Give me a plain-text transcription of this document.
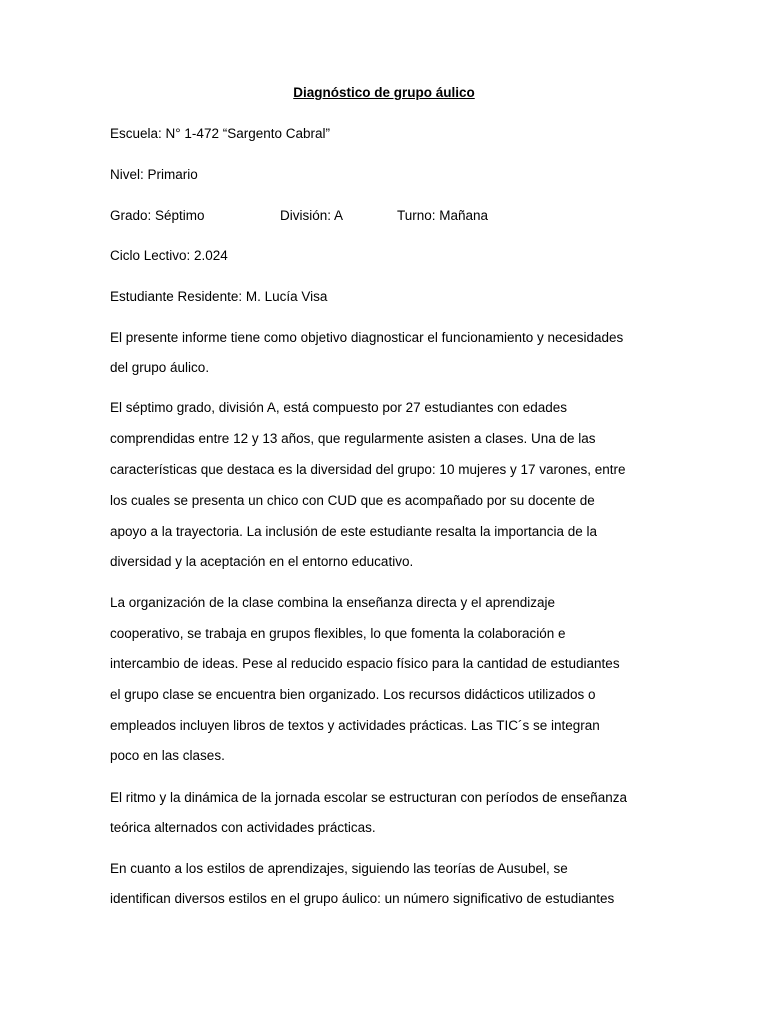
Diagnóstico de grupo áulico
Escuela: N° 1-472 “Sargento Cabral”
Nivel: Primario
Grado: Séptimo	División: A	Turno: Mañana
Ciclo Lectivo: 2.024
Estudiante Residente: M. Lucía Visa
El presente informe tiene como objetivo diagnosticar el funcionamiento y necesidades
del grupo áulico.
El séptimo grado, división A, está compuesto por 27 estudiantes con edades
comprendidas entre 12 y 13 años, que regularmente asisten a clases. Una de las
características que destaca es la diversidad del grupo: 10 mujeres y 17 varones, entre
los cuales se presenta un chico con CUD que es acompañado por su docente de
apoyo a la trayectoria. La inclusión de este estudiante resalta la importancia de la
diversidad y la aceptación en el entorno educativo.
La organización de la clase combina la enseñanza directa y el aprendizaje
cooperativo, se trabaja en grupos flexibles, lo que fomenta la colaboración e
intercambio de ideas. Pese al reducido espacio físico para la cantidad de estudiantes
el grupo clase se encuentra bien organizado. Los recursos didácticos utilizados o
empleados incluyen libros de textos y actividades prácticas. Las TIC´s se integran
poco en las clases.
El ritmo y la dinámica de la jornada escolar se estructuran con períodos de enseñanza
teórica alternados con actividades prácticas.
En cuanto a los estilos de aprendizajes, siguiendo las teorías de Ausubel, se
identifican diversos estilos en el grupo áulico: un número significativo de estudiantes
